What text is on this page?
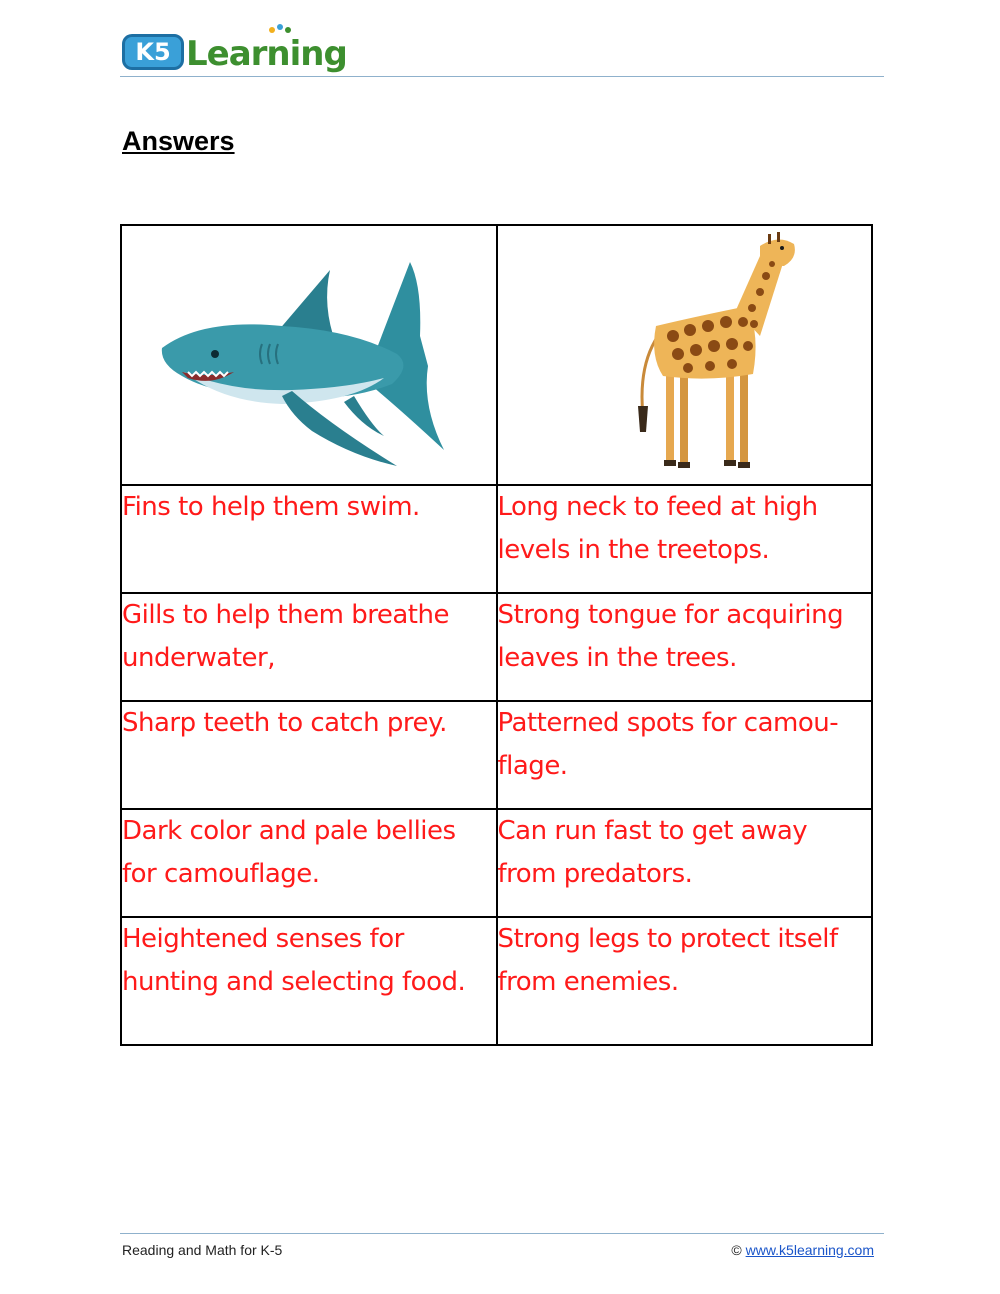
K5 Learning
Answers

Fins to help them swim.	Long neck to feed at high levels in the treetops.
Gills to help them breathe underwater,	Strong tongue for acquiring leaves in the trees.
Sharp teeth to catch prey.	Patterned spots for camou-flage.
Dark color and pale bellies for camouflage.	Can run fast to get away from predators.
Heightened senses for hunting and selecting food.	Strong legs to protect itself from enemies.
Reading and Math for K-5	© www.k5learning.com
